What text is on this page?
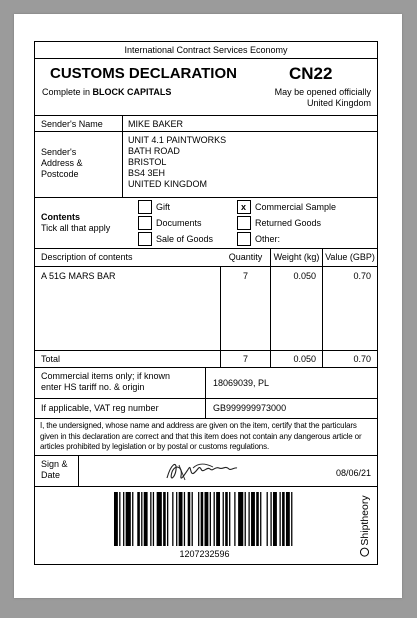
International Contract Services Economy
CUSTOMS DECLARATION	CN22
Complete in BLOCK CAPITALS	May be opened officially
United Kingdom
Sender's Name	MIKE BAKER
Sender's
Address &
Postcode
UNIT 4.1 PAINTWORKS
BATH ROAD
BRISTOL
BS4 3EH
UNITED KINGDOM
Contents
Tick all that apply
Gift
Documents
Sale of Goods
x Commercial Sample
Returned Goods
Other:
Description of contents	Quantity	Weight (kg) Value (GBP)
A 51G MARS BAR	7	0.050	0.70
Total	7	0.050	0.70
Commercial items only; if known
enter HS tariff no. & origin	18069039, PL
If applicable, VAT reg number	GB999999973000
I, the undersigned, whose name and address are given on the item, certify that the particulars given in this declaration are correct and that this item does not contain any dangerous article or articles prohibited by legislation or by postal or customs regulations.
Sign &
Date	08/06/21
1207232596
Shiptheory
